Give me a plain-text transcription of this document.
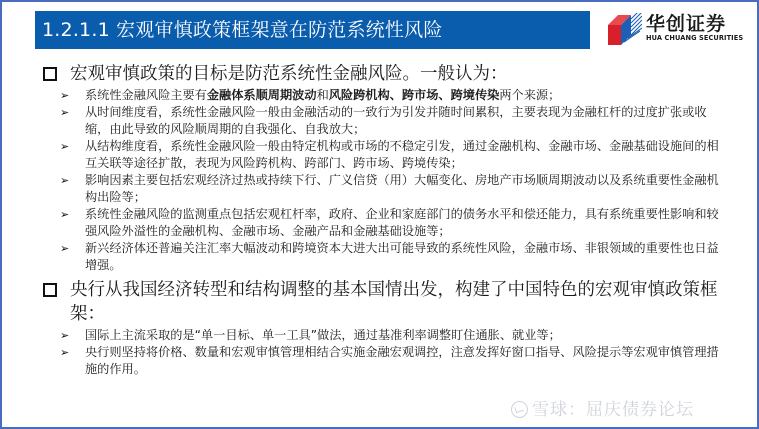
1.2.1.1 宏观审慎政策框架意在防范系统性风险	华创证券
HUA CHUANG SECURITIES
宏观审慎政策的目标是防范系统性金融风险。一般认为：
➢ 系统性金融风险主要有金融体系顺周期波动和风险跨机构、跨市场、跨境传染两个来源；
➢ 从时间维度看，系统性金融风险一般由金融活动的一致行为引发并随时间累积，主要表现为金融杠杆的过度扩张或收缩，由此导致的风险顺周期的自我强化、自我放大；
➢ 从结构维度看，系统性金融风险一般由特定机构或市场的不稳定引发，通过金融机构、金融市场、金融基础设施间的相互关联等途径扩散，表现为风险跨机构、跨部门、跨市场、跨境传染；
➢ 影响因素主要包括宏观经济过热或持续下行、广义信贷（用）大幅变化、房地产市场顺周期波动以及系统重要性金融机构出险等；
➢ 系统性金融风险的监测重点包括宏观杠杆率，政府、企业和家庭部门的债务水平和偿还能力，具有系统重要性影响和较强风险外溢性的金融机构、金融市场、金融产品和金融基础设施等；
➢ 新兴经济体还普遍关注汇率大幅波动和跨境资本大进大出可能导致的系统性风险，金融市场、非银领域的重要性也日益增强。
央行从我国经济转型和结构调整的基本国情出发，构建了中国特色的宏观审慎政策框架：
➢ 国际上主流采取的是“单一目标、单一工具”做法，通过基准利率调整盯住通胀、就业等；
➢ 央行则坚持将价格、数量和宏观审慎管理相结合实施金融宏观调控，注意发挥好窗口指导、风险提示等宏观审慎管理措施的作用。
雪球：屈庆债券论坛
